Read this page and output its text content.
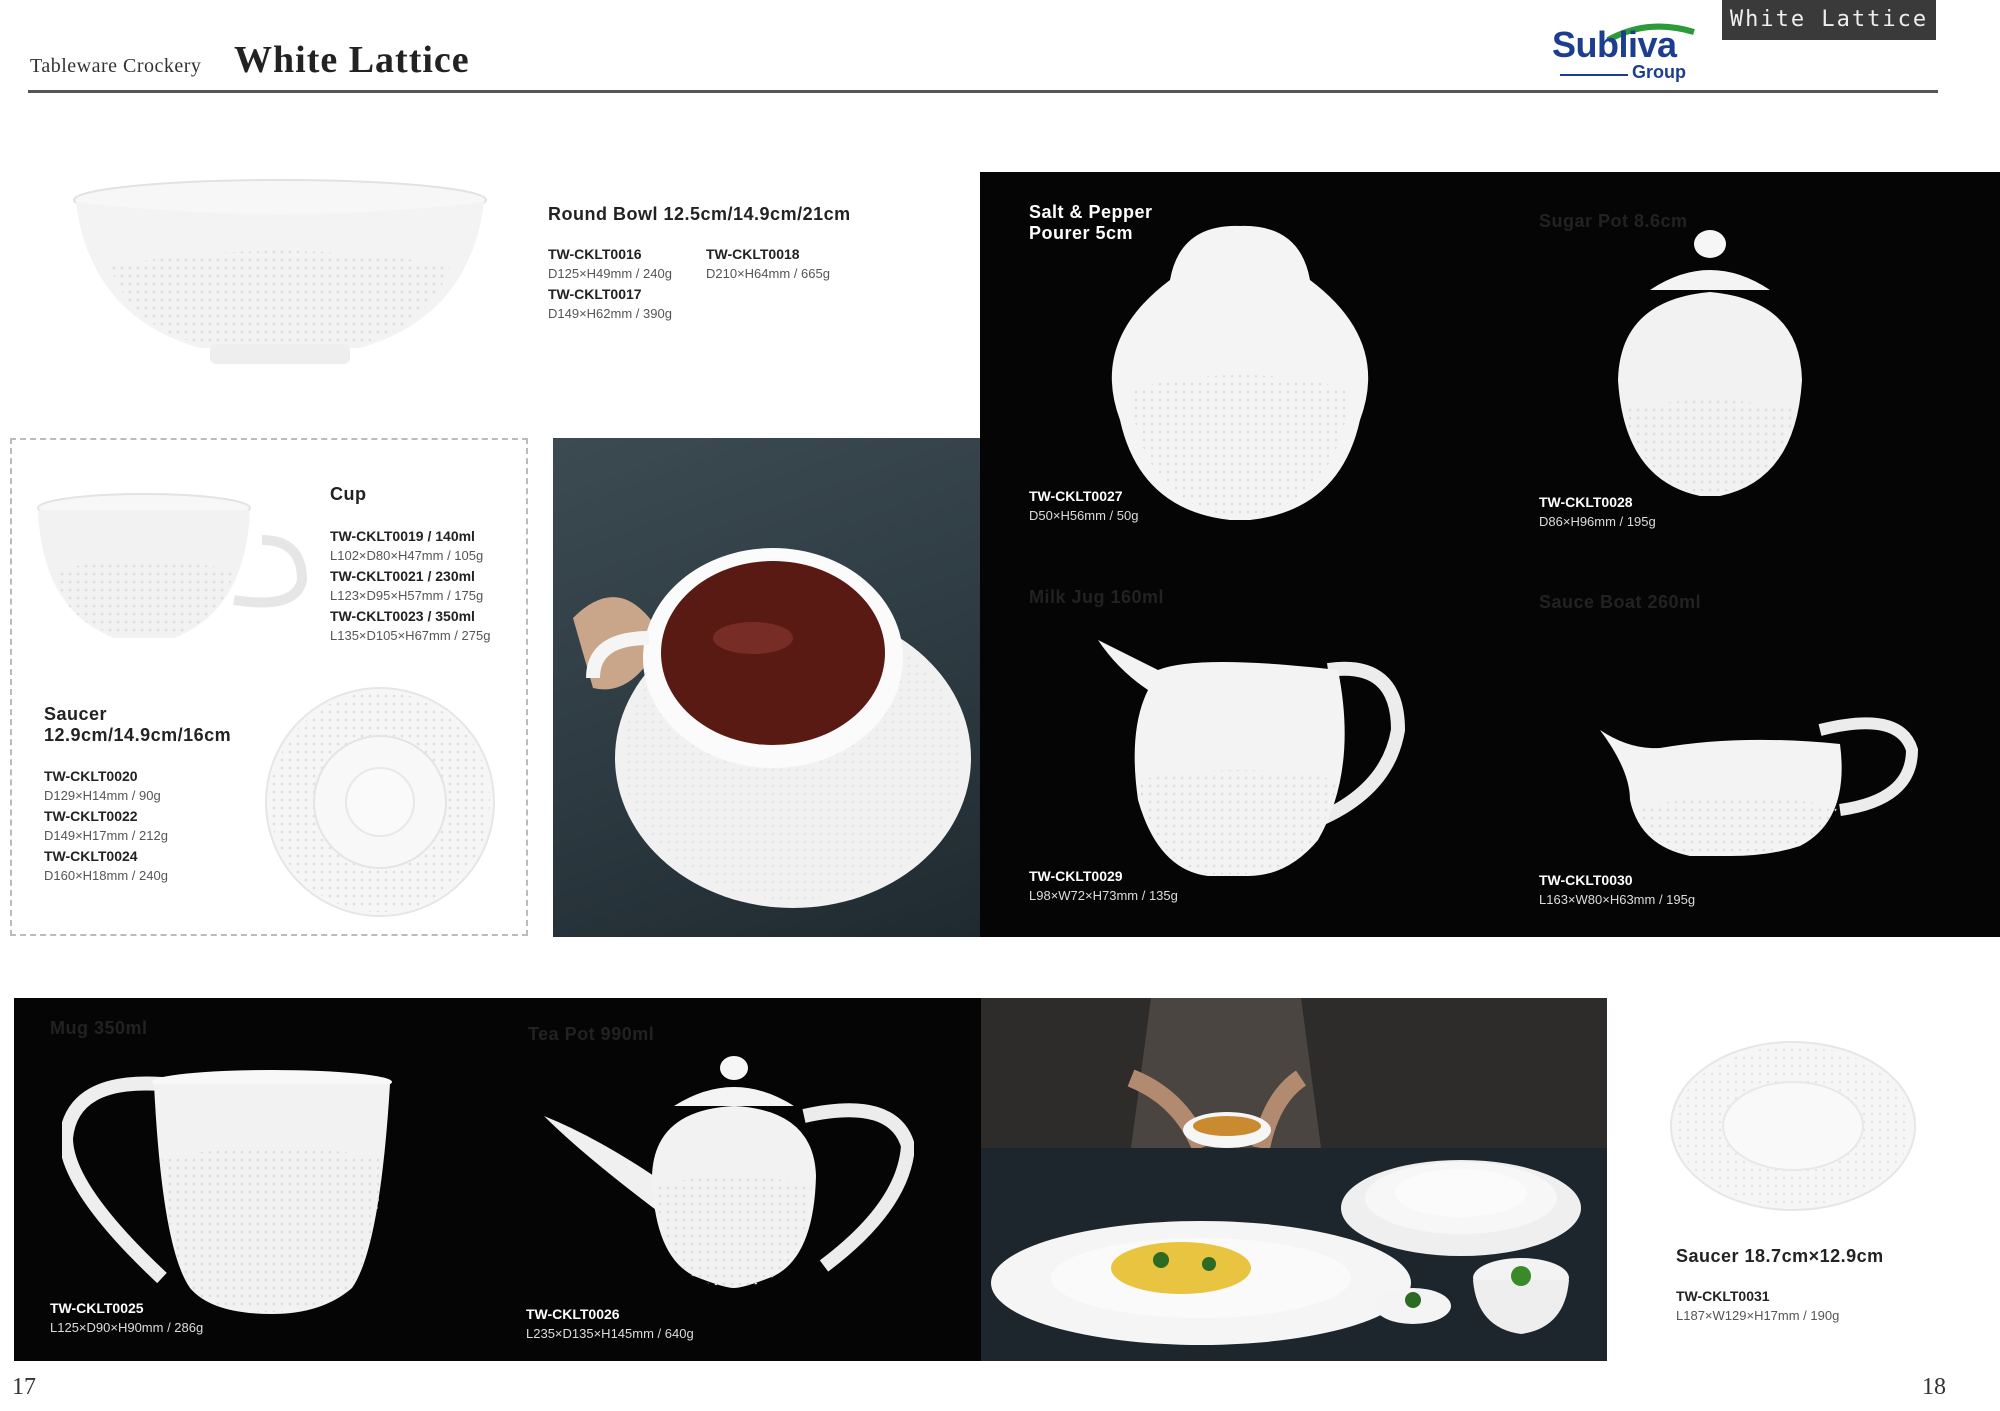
Tableware Crockery White Lattice	Subliva
Group
White Lattice
Round Bowl 12.5cm/14.9cm/21cm
TW-CKLT0016
D125×H49mm / 240g
TW-CKLT0017
D149×H62mm / 390g
TW-CKLT0018
D210×H64mm / 665g
Cup
TW-CKLT0019 / 140ml
L102×D80×H47mm / 105g
TW-CKLT0021 / 230ml
L123×D95×H57mm / 175g
TW-CKLT0023 / 350ml
L135×D105×H67mm / 275g
Saucer
12.9cm/14.9cm/16cm
TW-CKLT0020
D129×H14mm / 90g
TW-CKLT0022
D149×H17mm / 212g
TW-CKLT0024
D160×H18mm / 240g
Salt & Pepper
Pourer 5cm
TW-CKLT0027
D50×H56mm / 50g
Sugar Pot 8.6cm
TW-CKLT0028
D86×H96mm / 195g
Milk Jug 160ml
TW-CKLT0029
L98×W72×H73mm / 135g
Sauce Boat 260ml
TW-CKLT0030
L163×W80×H63mm / 195g
Mug 350ml
TW-CKLT0025
L125×D90×H90mm / 286g
Tea Pot 990ml
TW-CKLT0026
L235×D135×H145mm / 640g
Saucer 18.7cm×12.9cm
TW-CKLT0031
L187×W129×H17mm / 190g
17	18
